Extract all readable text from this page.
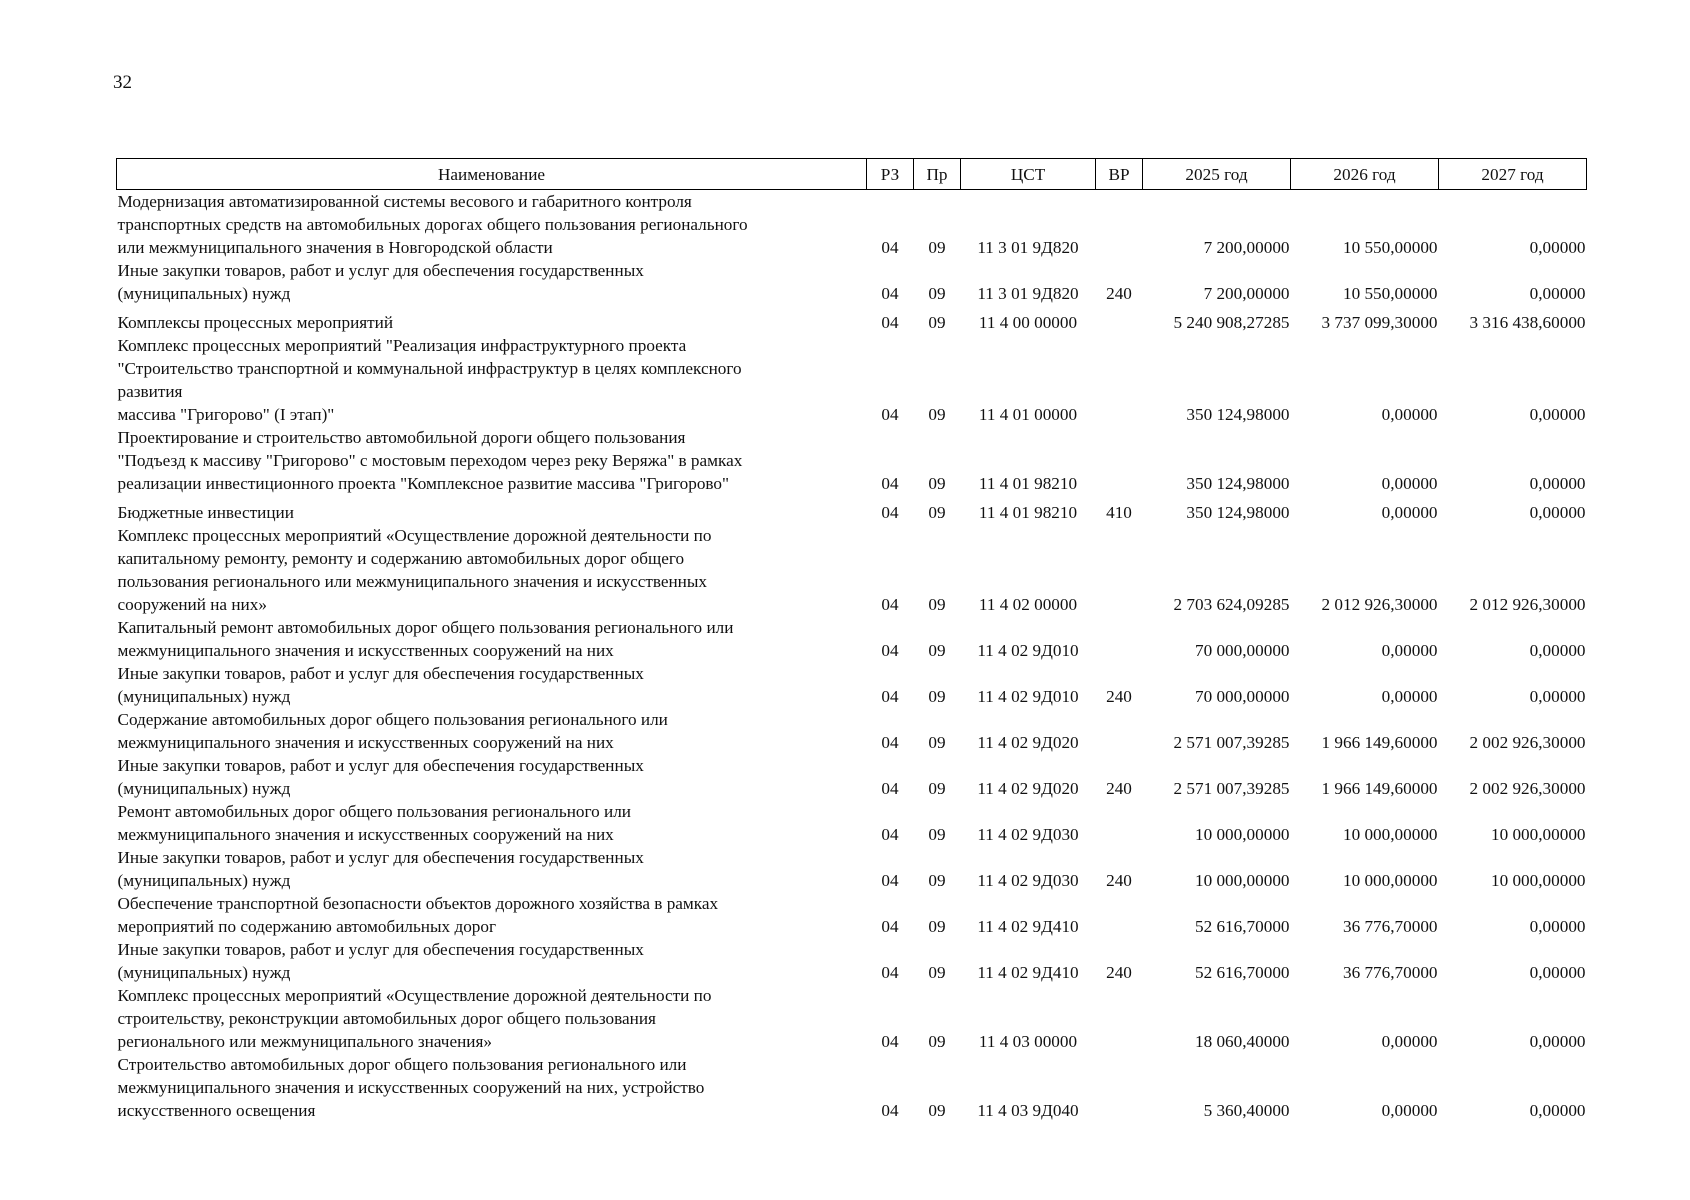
32
Наименование	РЗ	Пр	ЦСТ	ВР	2025 год	2026 год	2027 год

Модернизация автоматизированной системы весового и габаритного контроля
транспортных средств на автомобильных дорогах общего пользования регионального
или межмуниципального значения в Новгородской области	04	09	11 3 01 9Д820		7 200,00000	10 550,00000	0,00000

Иные закупки товаров, работ и услуг для обеспечения государственных
(муниципальных) нужд	04	09	11 3 01 9Д820	240	7 200,00000	10 550,00000	0,00000

Комплексы процессных мероприятий	04	09	11 4 00 00000		5 240 908,27285	3 737 099,30000	3 316 438,60000

Комплекс процессных мероприятий "Реализация инфраструктурного проекта
"Строительство транспортной и коммунальной инфраструктур в целях комплексного
развития
массива "Григорово" (I этап)"	04	09	11 4 01 00000		350 124,98000	0,00000	0,00000

Проектирование и строительство автомобильной дороги общего пользования
"Подъезд к массиву "Григорово" с мостовым переходом через реку Веряжа" в рамках
реализации инвестиционного проекта "Комплексное развитие массива "Григорово"	04	09	11 4 01 98210		350 124,98000	0,00000	0,00000

Бюджетные инвестиции	04	09	11 4 01 98210	410	350 124,98000	0,00000	0,00000

Комплекс процессных мероприятий «Осуществление дорожной деятельности по
капитальному ремонту, ремонту и содержанию автомобильных дорог общего
пользования регионального или межмуниципального значения и искусственных
сооружений на них»	04	09	11 4 02 00000		2 703 624,09285	2 012 926,30000	2 012 926,30000

Капитальный ремонт автомобильных дорог общего пользования регионального или
межмуниципального значения и искусственных сооружений на них	04	09	11 4 02 9Д010		70 000,00000	0,00000	0,00000

Иные закупки товаров, работ и услуг для обеспечения государственных
(муниципальных) нужд	04	09	11 4 02 9Д010	240	70 000,00000	0,00000	0,00000

Содержание автомобильных дорог общего пользования регионального или
межмуниципального значения и искусственных сооружений на них	04	09	11 4 02 9Д020		2 571 007,39285	1 966 149,60000	2 002 926,30000

Иные закупки товаров, работ и услуг для обеспечения государственных
(муниципальных) нужд	04	09	11 4 02 9Д020	240	2 571 007,39285	1 966 149,60000	2 002 926,30000

Ремонт автомобильных дорог общего пользования регионального или
межмуниципального значения и искусственных сооружений на них	04	09	11 4 02 9Д030		10 000,00000	10 000,00000	10 000,00000

Иные закупки товаров, работ и услуг для обеспечения государственных
(муниципальных) нужд	04	09	11 4 02 9Д030	240	10 000,00000	10 000,00000	10 000,00000

Обеспечение транспортной безопасности объектов дорожного хозяйства в рамках
мероприятий по содержанию автомобильных дорог	04	09	11 4 02 9Д410		52 616,70000	36 776,70000	0,00000

Иные закупки товаров, работ и услуг для обеспечения государственных
(муниципальных) нужд	04	09	11 4 02 9Д410	240	52 616,70000	36 776,70000	0,00000

Комплекс процессных мероприятий «Осуществление дорожной деятельности по
строительству, реконструкции автомобильных дорог общего пользования
регионального или межмуниципального значения»	04	09	11 4 03 00000		18 060,40000	0,00000	0,00000

Строительство автомобильных дорог общего пользования регионального или
межмуниципального значения и искусственных сооружений на них, устройство
искусственного освещения	04	09	11 4 03 9Д040		5 360,40000	0,00000	0,00000
